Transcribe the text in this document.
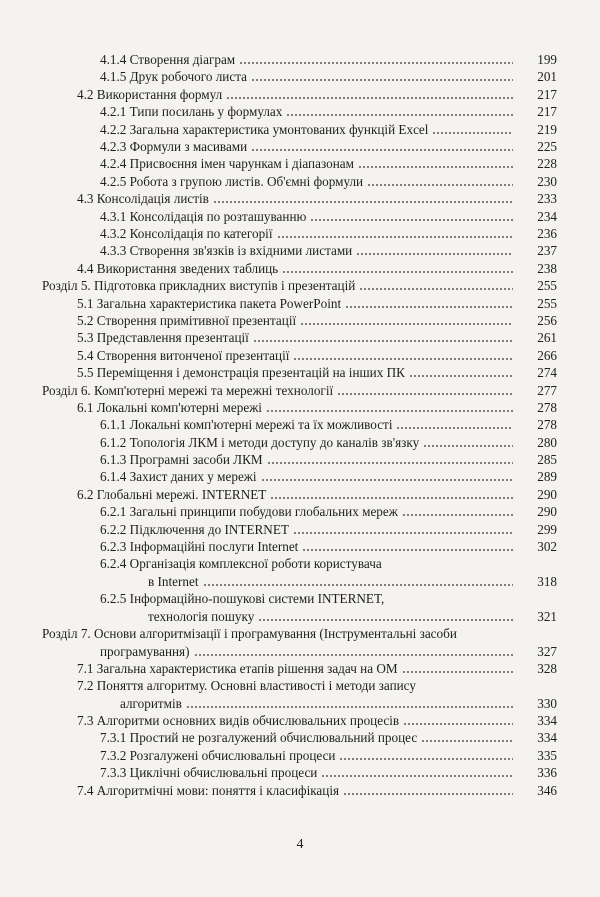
4.1.4 Створення діаграм	199
4.1.5 Друк робочого листа	201
4.2 Використання формул	217
4.2.1 Типи посилань у формулах	217
4.2.2 Загальна характеристика умонтованих функцій Excel	219
4.2.3 Формули з масивами	225
4.2.4 Присвоєння імен чарункам і діапазонам	228
4.2.5 Робота з групою листів. Об'ємні формули	230
4.3 Консолідація листів	233
4.3.1 Консолідація по розташуванню	234
4.3.2 Консолідація по категорії	236
4.3.3 Створення зв'язків із вхідними листами	237
4.4 Використання зведених таблиць	238
Розділ 5. Підготовка прикладних виступів і презентацій	255
5.1 Загальна характеристика пакета PowerPoint	255
5.2 Створення примітивної презентації	256
5.3 Представлення презентації	261
5.4 Створення витонченої презентації	266
5.5 Переміщення і демонстрація презентацій на інших ПК	274
Розділ 6. Комп'ютерні мережі та мережні технології	277
6.1 Локальні комп'ютерні мережі	278
6.1.1 Локальні комп'ютерні мережі та їх можливості	278
6.1.2 Топологія ЛКМ і методи доступу до каналів зв'язку	280
6.1.3 Програмні засоби ЛКМ	285
6.1.4 Захист даних у мережі	289
6.2 Глобальні мережі. INTERNET	290
6.2.1 Загальні принципи побудови глобальних мереж	290
6.2.2 Підключення до INTERNET	299
6.2.3 Інформаційні послуги Internet	302
6.2.4 Організація комплексної роботи користувача
в Internet	318
6.2.5 Інформаційно-пошукові системи INTERNET,
технологія пошуку	321
Розділ 7. Основи алгоритмізації і програмування (Інструментальні засоби
програмування)	327
7.1 Загальна характеристика етапів рішення задач на ОМ	328
7.2 Поняття алгоритму. Основні властивості і методи запису
алгоритмів	330
7.3 Алгоритми основних видів обчислювальних процесів	334
7.3.1 Простий не розгалужений обчислювальний процес	334
7.3.2 Розгалужені обчислювальні процеси	335
7.3.3 Циклічні обчислювальні процеси	336
7.4 Алгоритмічні мови: поняття і класифікація	346
4
